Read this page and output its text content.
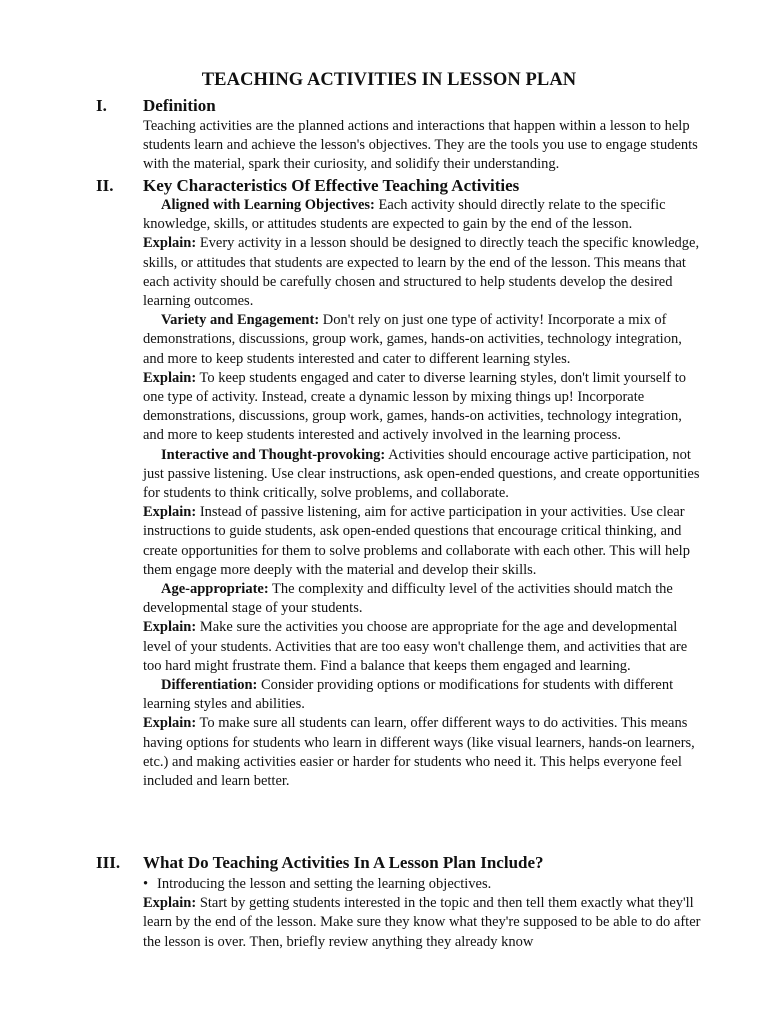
TEACHING ACTIVITIES IN LESSON PLAN
I. Definition

Teaching activities are the planned actions and interactions that happen within a lesson to help students learn and achieve the lesson's objectives. They are the tools you use to engage students with the material, spark their curiosity, and solidify their understanding.

II. Key Characteristics Of Effective Teaching Activities

Aligned with Learning Objectives: Each activity should directly relate to the specific knowledge, skills, or attitudes students are expected to gain by the end of the lesson.

Explain: Every activity in a lesson should be designed to directly teach the specific knowledge, skills, or attitudes that students are expected to learn by the end of the lesson. This means that each activity should be carefully chosen and structured to help students develop the desired learning outcomes.

Variety and Engagement: Don't rely on just one type of activity! Incorporate a mix of demonstrations, discussions, group work, games, hands-on activities, technology integration, and more to keep students interested and cater to different learning styles.

Explain: To keep students engaged and cater to diverse learning styles, don't limit yourself to one type of activity. Instead, create a dynamic lesson by mixing things up! Incorporate demonstrations, discussions, group work, games, hands-on activities, technology integration, and more to keep students interested and actively involved in the learning process.

Interactive and Thought-provoking: Activities should encourage active participation, not just passive listening. Use clear instructions, ask open-ended questions, and create opportunities for students to think critically, solve problems, and collaborate.

Explain: Instead of passive listening, aim for active participation in your activities. Use clear instructions to guide students, ask open-ended questions that encourage critical thinking, and create opportunities for them to solve problems and collaborate with each other. This will help them engage more deeply with the material and develop their skills.

Age-appropriate: The complexity and difficulty level of the activities should match the developmental stage of your students.

Explain: Make sure the activities you choose are appropriate for the age and developmental level of your students. Activities that are too easy won't challenge them, and activities that are too hard might frustrate them. Find a balance that keeps them engaged and learning.

Differentiation: Consider providing options or modifications for students with different learning styles and abilities.

Explain: To make sure all students can learn, offer different ways to do activities. This means having options for students who learn in different ways (like visual learners, hands-on learners, etc.) and making activities easier or harder for students who need it. This helps everyone feel included and learn better.

III. What Do Teaching Activities In A Lesson Plan Include?

• Introducing the lesson and setting the learning objectives.

Explain: Start by getting students interested in the topic and then tell them exactly what they'll learn by the end of the lesson. Make sure they know what they're supposed to be able to do after the lesson is over. Then, briefly review anything they already know
